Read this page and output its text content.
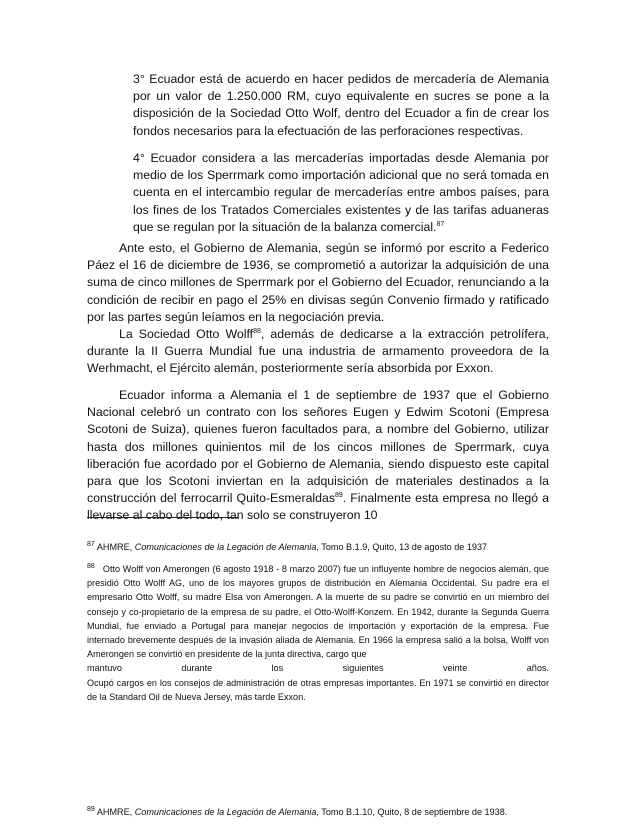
3° Ecuador está de acuerdo en hacer pedidos de mercadería de Alemania por un valor de 1.250.000 RM, cuyo equivalente en sucres se pone a la disposición de la Sociedad Otto Wolf, dentro del Ecuador a fin de crear los fondos necesarios para la efectuación de las perforaciones respectivas.

4° Ecuador considera a las mercaderías importadas desde Alemania por medio de los Sperrmark como importación adicional que no será tomada en cuenta en el intercambio regular de mercaderías entre ambos países, para los fines de los Tratados Comerciales existentes y de las tarifas aduaneras que se regulan por la situación de la balanza comercial.$^{87}$

Ante esto, el Gobierno de Alemania, según se informó por escrito a Federico Páez el 16 de diciembre de 1936, se comprometió a autorizar la adquisición de una suma de cinco millones de Sperrmark por el Gobierno del Ecuador, renunciando a la condición de recibir en pago el 25% en divisas según Convenio firmado y ratificado por las partes según leíamos en la negociación previa.

La Sociedad Otto Wolff$^{88}$, además de dedicarse a la extracción petrolífera, durante la II Guerra Mundial fue una industria de armamento proveedora de la Werhmacht, el Ejército alemán, posteriormente sería absorbida por Exxon.

Ecuador informa a Alemania el 1 de septiembre de 1937 que el Gobierno Nacional celebró un contrato con los señores Eugen y Edwim Scotoni (Empresa Scotoni de Suiza), quienes fueron facultados para, a nombre del Gobierno, utilizar hasta dos millones quinientos mil de los cincos millones de Sperrmark, cuya liberación fue acordado por el Gobierno de Alemania, siendo dispuesto este capital para que los Scotoni inviertan en la adquisición de materiales destinados a la construcción del ferrocarril Quito-Esmeraldas$^{89}$. Finalmente esta empresa no llegó a llevarse al cabo del todo, tan solo se construyeron 10

$^{87}$ AHMRE, Comunicaciones de la Legación de Alemania, Tomo B.1.9, Quito, 13 de agosto de 1937

$^{88}$ Otto Wolff von Amerongen (6 agosto 1918 - 8 marzo 2007) fue un influyente hombre de negocios alemán, que presidió Otto Wolff AG, uno de los mayores grupos de distribución en Alemania Occidental. Su padre era el empresario Otto Wolff, su madre Elsa von Amerongen. A la muerte de su padre se convirtió en un miembro del consejo y co-propietario de la empresa de su padre, el Otto-Wolff-Konzern. En 1942, durante la Segunda Guerra Mundial, fue enviado a Portugal para manejar negocios de importación y exportación de la empresa. Fue internado brevemente después de la invasión aliada de Alemania. En 1966 la empresa salió a la bolsa, Wolff von Amerongen se convirtió en presidente de la junta directiva, cargo que
mantuvo	durante	los	siguientes	veinte	años.
Ocupó cargos en los consejos de administración de otras empresas importantes. En 1971 se convirtió en director de la Standard Oil de Nueva Jersey, más tarde Exxon.

$^{89}$ AHMRE, Comunicaciones de la Legación de Alemania, Tomo B.1.10, Quito, 8 de septiembre de 1938.
